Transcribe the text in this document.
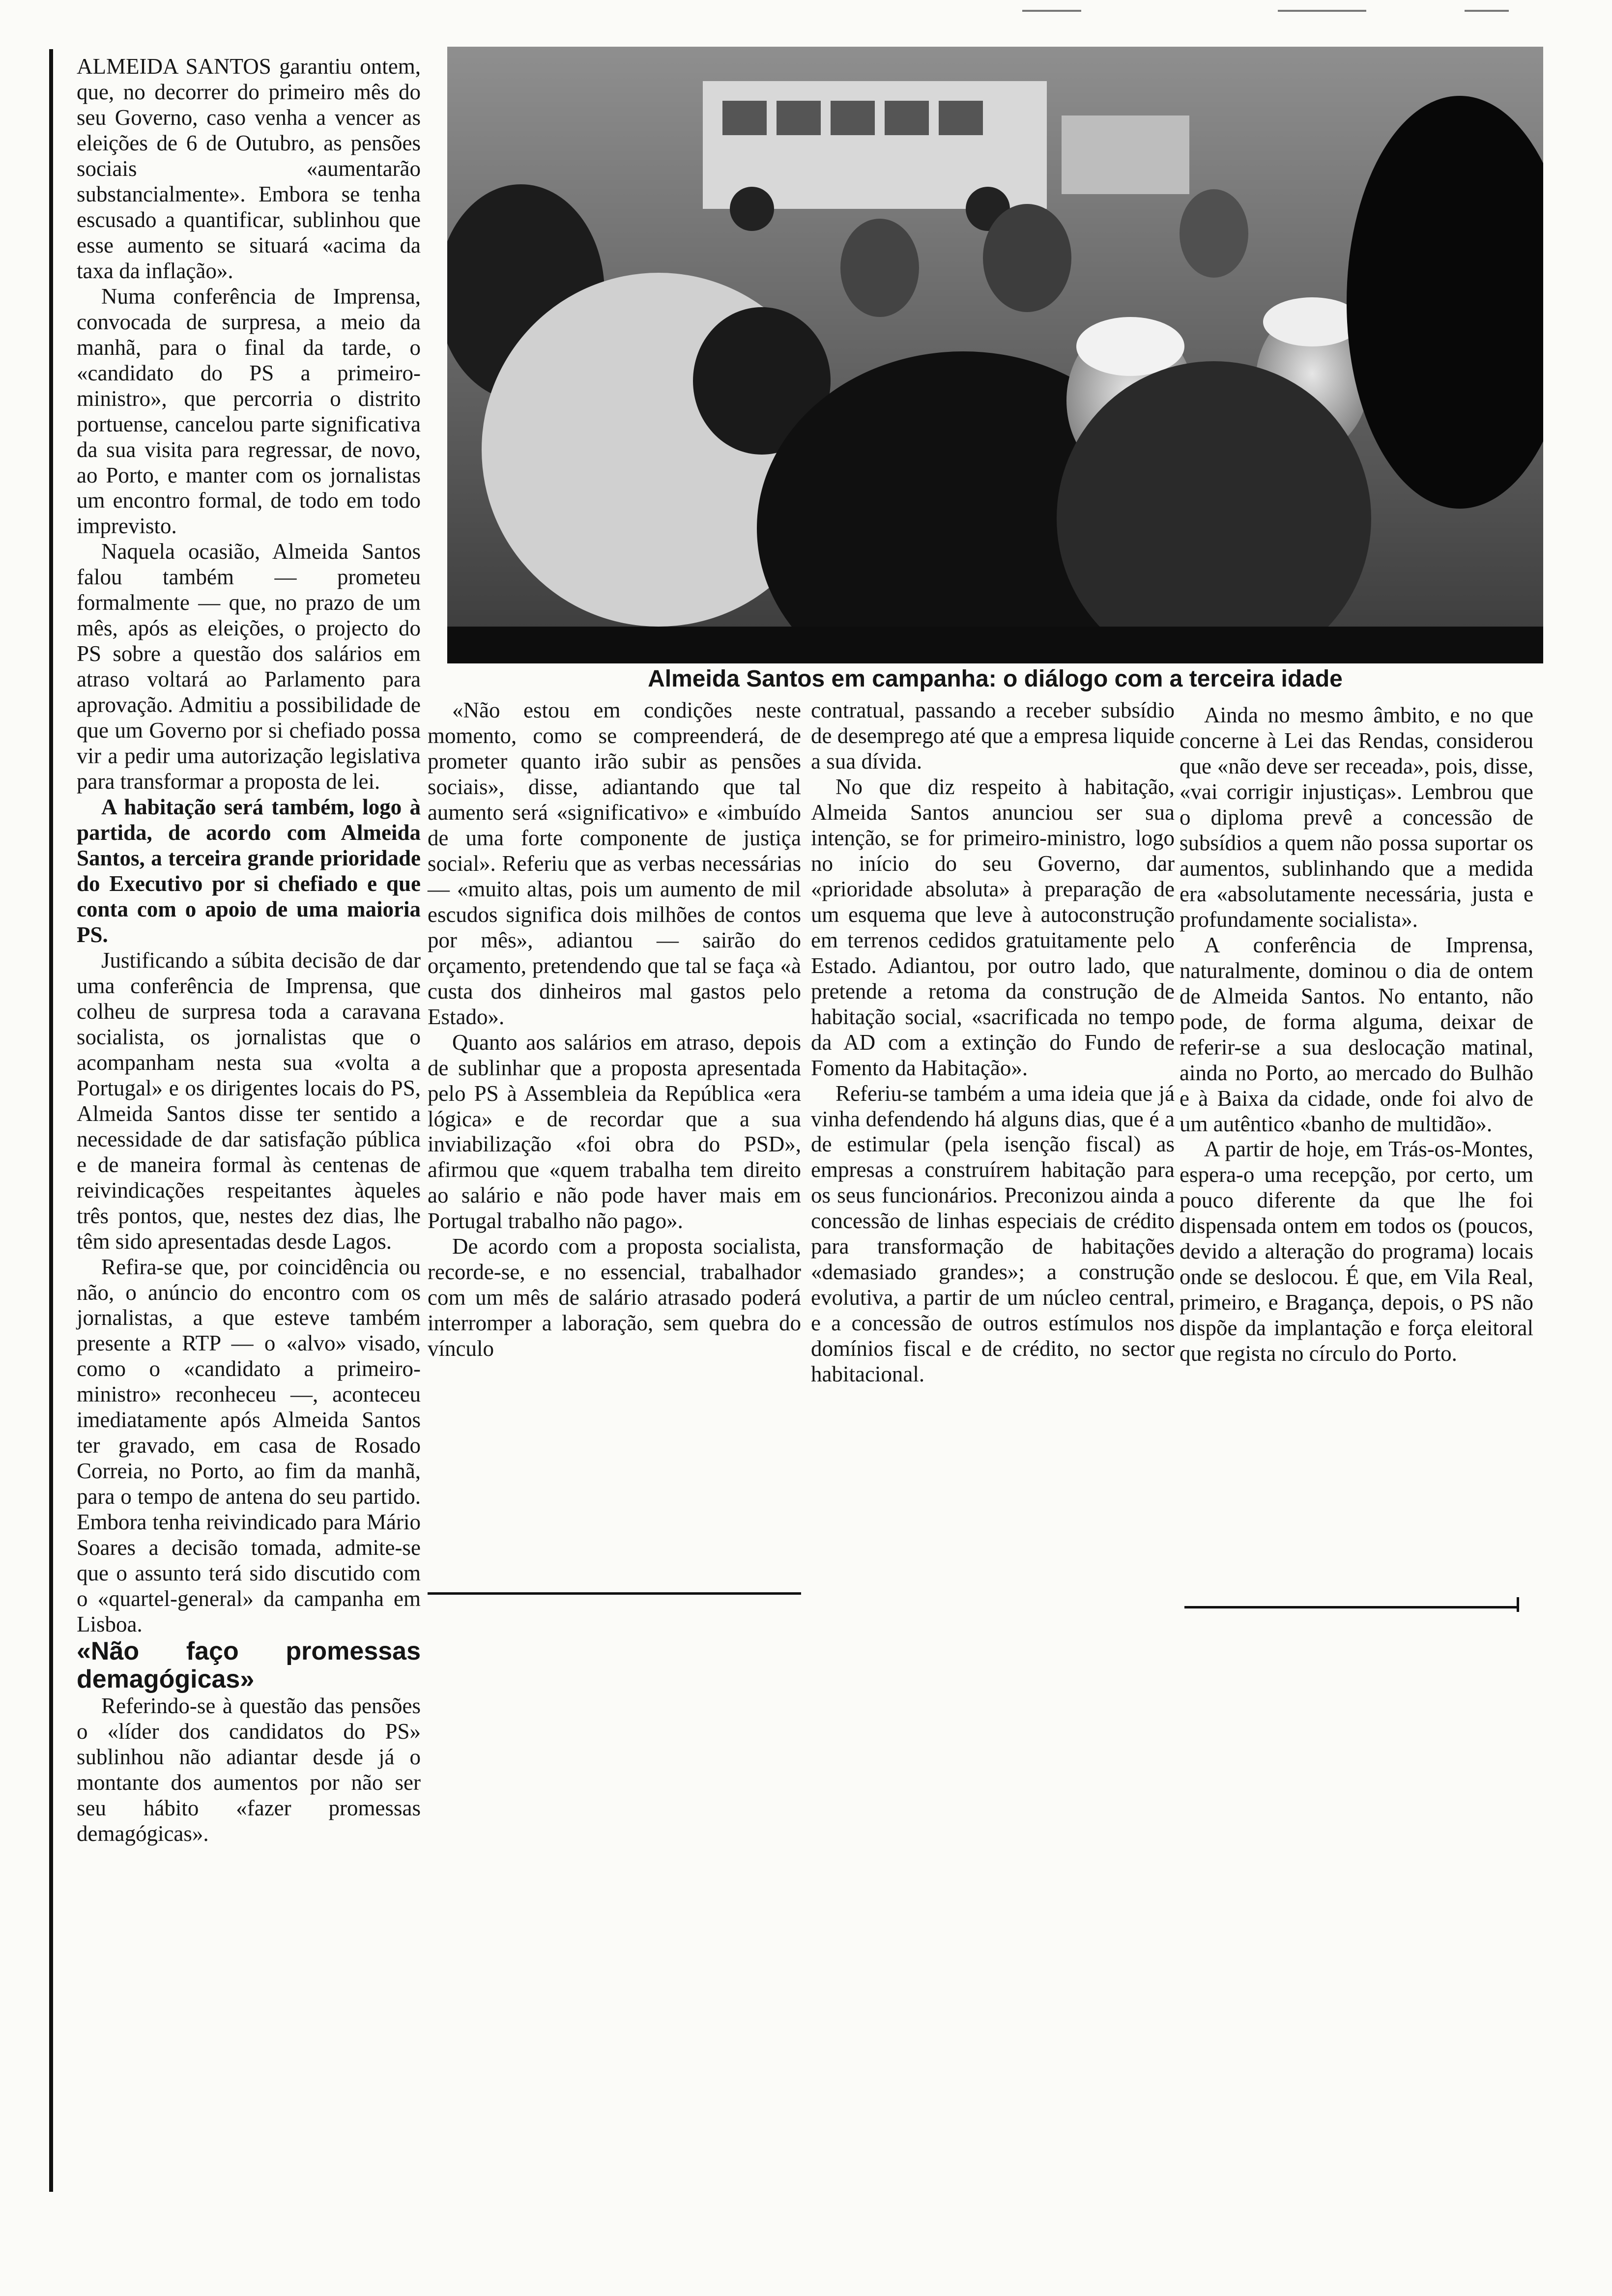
ALMEIDA SANTOS garantiu ontem, que, no decorrer do primeiro mês do seu Governo, caso venha a vencer as eleições de 6 de Outubro, as pensões sociais «aumentarão substancialmente». Embora se tenha escusado a quantificar, sublinhou que esse aumento se situará «acima da taxa da inflação».

Numa conferência de Imprensa, convocada de surpresa, a meio da manhã, para o final da tarde, o «candidato do PS a primeiro-ministro», que percorria o distrito portuense, cancelou parte significativa da sua visita para regressar, de novo, ao Porto, e manter com os jornalistas um encontro formal, de todo em todo imprevisto.

Naquela ocasião, Almeida Santos falou também — prometeu formalmente — que, no prazo de um mês, após as eleições, o projecto do PS sobre a questão dos salários em atraso voltará ao Parlamento para aprovação. Admitiu a possibilidade de que um Governo por si chefiado possa vir a pedir uma autorização legislativa para transformar a proposta de lei.

A habitação será também, logo à partida, de acordo com Almeida Santos, a terceira grande prioridade do Executivo por si chefiado e que conta com o apoio de uma maioria PS.

Justificando a súbita decisão de dar uma conferência de Imprensa, que colheu de surpresa toda a caravana socialista, os jornalistas que o acompanham nesta sua «volta a Portugal» e os dirigentes locais do PS, Almeida Santos disse ter sentido a necessidade de dar satisfação pública e de maneira formal às centenas de reivindicações respeitantes àqueles três pontos, que, nestes dez dias, lhe têm sido apresentadas desde Lagos.

Refira-se que, por coincidência ou não, o anúncio do encontro com os jornalistas, a que esteve também presente a RTP — o «alvo» visado, como o «candidato a primeiro-ministro» reconheceu —, aconteceu imediatamente após Almeida Santos ter gravado, em casa de Rosado Correia, no Porto, ao fim da manhã, para o tempo de antena do seu partido. Embora tenha reivindicado para Mário Soares a decisão tomada, admite-se que o assunto terá sido discutido com o «quartel-general» da campanha em Lisboa.

«Não faço promessas demagógicas»

Referindo-se à questão das pensões o «líder dos candidatos do PS» sublinhou não adiantar desde já o montante dos aumentos por não ser seu hábito «fazer promessas demagógicas».

Almeida Santos em campanha: o diálogo com a terceira idade

«Não estou em condições neste momento, como se compreenderá, de prometer quanto irão subir as pensões sociais», disse, adiantando que tal aumento será «significativo» e «imbuído de uma forte componente de justiça social». Referiu que as verbas necessárias — «muito altas, pois um aumento de mil escudos significa dois milhões de contos por mês», adiantou — sairão do orçamento, pretendendo que tal se faça «à custa dos dinheiros mal gastos pelo Estado».

Quanto aos salários em atraso, depois de sublinhar que a proposta apresentada pelo PS à Assembleia da República «era lógica» e de recordar que a sua inviabilização «foi obra do PSD», afirmou que «quem trabalha tem direito ao salário e não pode haver mais em Portugal trabalho não pago».

De acordo com a proposta socialista, recorde-se, e no essencial, trabalhador com um mês de salário atrasado poderá interromper a laboração, sem quebra do vínculo

contratual, passando a receber subsídio de desemprego até que a empresa liquide a sua dívida.

No que diz respeito à habitação, Almeida Santos anunciou ser sua intenção, se for primeiro-ministro, logo no início do seu Governo, dar «prioridade absoluta» à preparação de um esquema que leve à autoconstrução em terrenos cedidos gratuitamente pelo Estado. Adiantou, por outro lado, que pretende a retoma da construção de habitação social, «sacrificada no tempo da AD com a extinção do Fundo de Fomento da Habitação».

Referiu-se também a uma ideia que já vinha defendendo há alguns dias, que é a de estimular (pela isenção fiscal) as empresas a construírem habitação para os seus funcionários. Preconizou ainda a concessão de linhas especiais de crédito para transformação de habitações «demasiado grandes»; a construção evolutiva, a partir de um núcleo central, e a concessão de outros estímulos nos domínios fiscal e de crédito, no sector habitacional.

Ainda no mesmo âmbito, e no que concerne à Lei das Rendas, considerou que «não deve ser receada», pois, disse, «vai corrigir injustiças». Lembrou que o diploma prevê a concessão de subsídios a quem não possa suportar os aumentos, sublinhando que a medida era «absolutamente necessária, justa e profundamente socialista».

A conferência de Imprensa, naturalmente, dominou o dia de ontem de Almeida Santos. No entanto, não pode, de forma alguma, deixar de referir-se a sua deslocação matinal, ainda no Porto, ao mercado do Bulhão e à Baixa da cidade, onde foi alvo de um autêntico «banho de multidão».

A partir de hoje, em Trás-os-Montes, espera-o uma recepção, por certo, um pouco diferente da que lhe foi dispensada ontem em todos os (poucos, devido a alteração do programa) locais onde se deslocou. É que, em Vila Real, primeiro, e Bragança, depois, o PS não dispõe da implantação e força eleitoral que regista no círculo do Porto.
